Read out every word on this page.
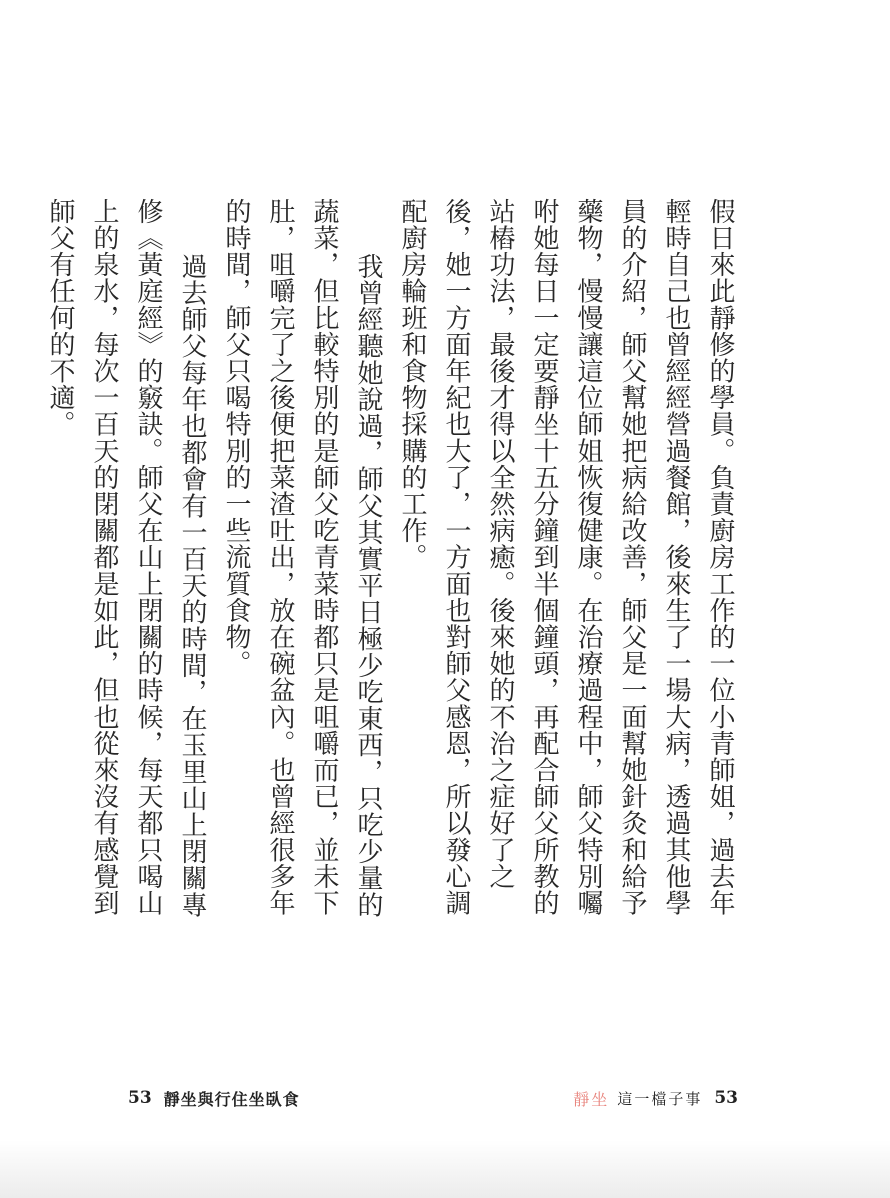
假日來此靜修的學員。負責廚房工作的一位小青師姐，過去年輕時自己也曾經經營過餐館，後來生了一場大病，透過其他學員的介紹，師父幫她把病給改善，師父是一面幫她針灸和給予藥物，慢慢讓這位師姐恢復健康。在治療過程中，師父特別囑咐她每日一定要靜坐十五分鐘到半個鐘頭，再配合師父所教的站樁功法，最後才得以全然病癒。後來她的不治之症好了之後，她一方面年紀也大了，一方面也對師父感恩，所以發心調配廚房輪班和食物採購的工作。

我曾經聽她說過，師父其實平日極少吃東西，只吃少量的蔬菜，但比較特別的是師父吃青菜時都只是咀嚼而已，並未下肚，咀嚼完了之後便把菜渣吐出，放在碗盆內。也曾經很多年的時間，師父只喝特別的一些流質食物。

過去師父每年也都會有一百天的時間，在玉里山上閉關專修《黃庭經》的竅訣。師父在山上閉關的時候，每天都只喝山上的泉水，每次一百天的閉關都是如此，但也從來沒有感覺到師父有任何的不適。

53 靜坐與行住坐臥食	靜坐 這一檔子事 53
